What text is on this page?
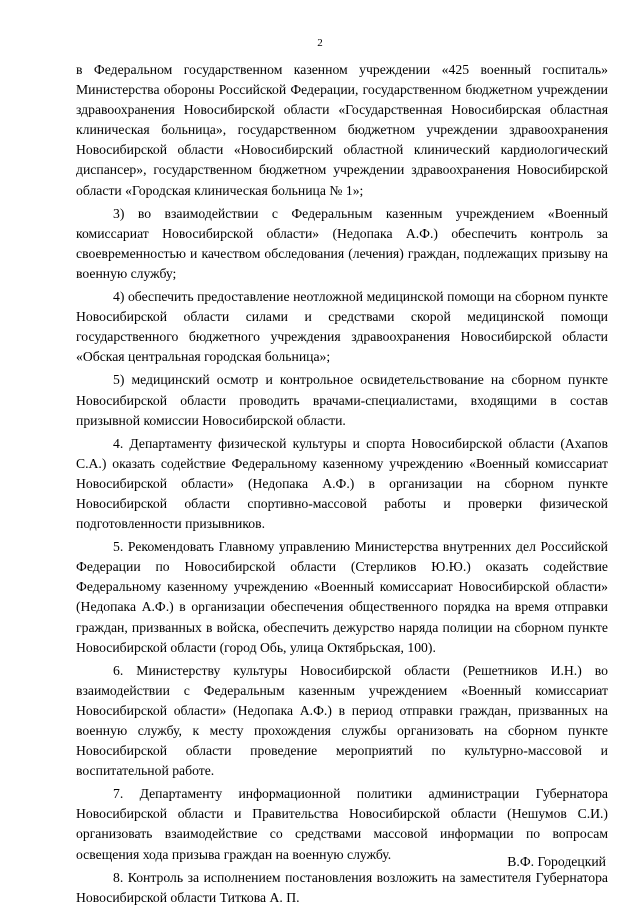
2

в Федеральном государственном казенном учреждении «425 военный госпиталь» Министерства обороны Российской Федерации, государственном бюджетном учреждении здравоохранения Новосибирской области «Государственная Новосибирская областная клиническая больница», государственном бюджетном учреждении здравоохранения Новосибирской области «Новосибирский областной клинический кардиологический диспансер», государственном бюджетном учреждении здравоохранения Новосибирской области «Городская клиническая больница № 1»;

3) во взаимодействии с Федеральным казенным учреждением «Военный комиссариат Новосибирской области» (Недопака А.Ф.) обеспечить контроль за своевременностью и качеством обследования (лечения) граждан, подлежащих призыву на военную службу;

4) обеспечить предоставление неотложной медицинской помощи на сборном пункте Новосибирской области силами и средствами скорой медицинской помощи государственного бюджетного учреждения здравоохранения Новосибирской области «Обская центральная городская больница»;

5) медицинский осмотр и контрольное освидетельствование на сборном пункте Новосибирской области проводить врачами-специалистами, входящими в состав призывной комиссии Новосибирской области.

4. Департаменту физической культуры и спорта Новосибирской области (Ахапов С.А.) оказать содействие Федеральному казенному учреждению «Военный комиссариат Новосибирской области» (Недопака А.Ф.) в организации на сборном пункте Новосибирской области спортивно-массовой работы и проверки физической подготовленности призывников.

5. Рекомендовать Главному управлению Министерства внутренних дел Российской Федерации по Новосибирской области (Стерликов Ю.Ю.) оказать содействие Федеральному казенному учреждению «Военный комиссариат Новосибирской области» (Недопака А.Ф.) в организации обеспечения общественного порядка на время отправки граждан, призванных в войска, обеспечить дежурство наряда полиции на сборном пункте Новосибирской области (город Обь, улица Октябрьская, 100).

6. Министерству культуры Новосибирской области (Решетников И.Н.) во взаимодействии с Федеральным казенным учреждением «Военный комиссариат Новосибирской области» (Недопака А.Ф.) в период отправки граждан, призванных на военную службу, к месту прохождения службы организовать на сборном пункте Новосибирской области проведение мероприятий по культурно-массовой и воспитательной работе.

7. Департаменту информационной политики администрации Губернатора Новосибирской области и Правительства Новосибирской области (Нешумов С.И.) организовать взаимодействие со средствами массовой информации по вопросам освещения хода призыва граждан на военную службу.

8. Контроль за исполнением постановления возложить на заместителя Губернатора Новосибирской области Титкова А. П.

В.Ф. Городецкий
